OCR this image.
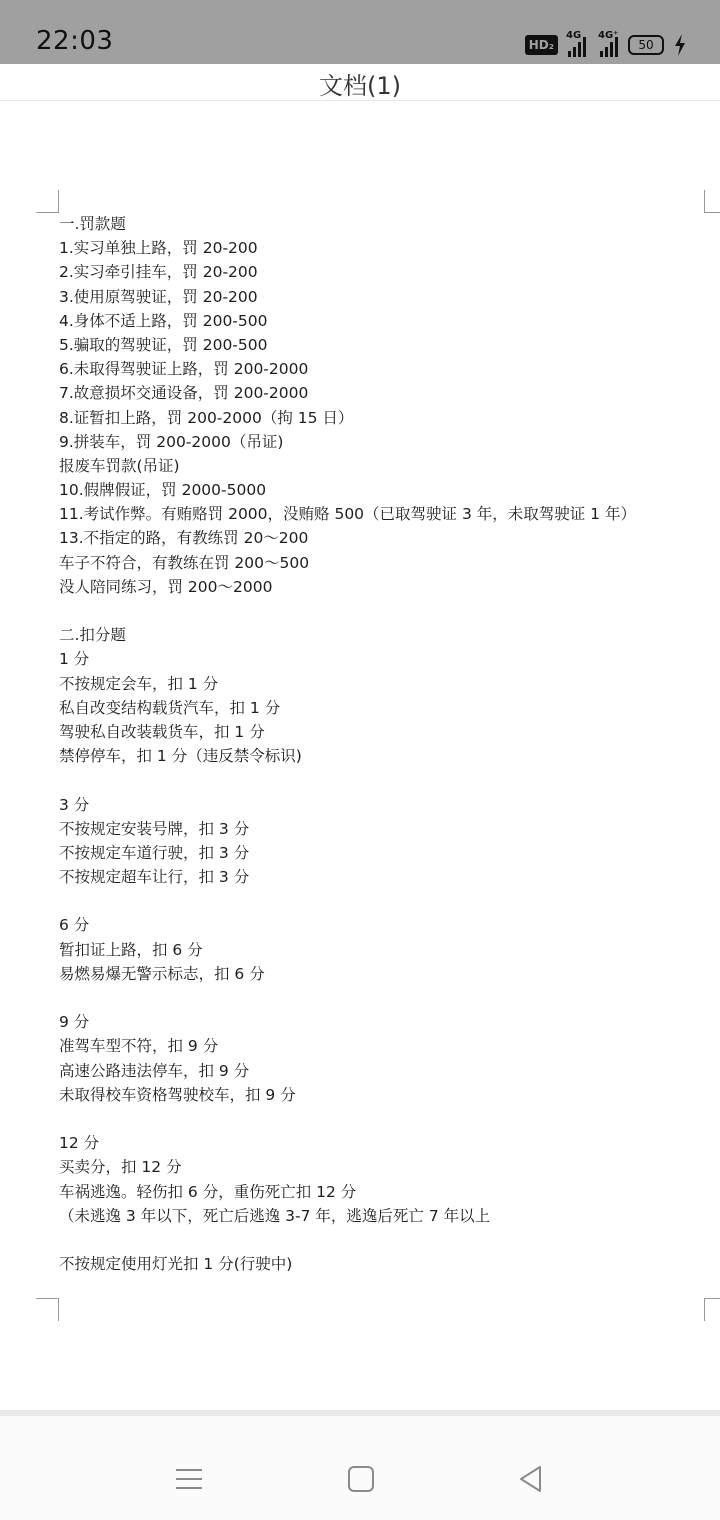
22:03	HD₂
4G 4G⁺
50
文档(1)
一.罚款题
1.实习单独上路，罚 20-200
2.实习牵引挂车，罚 20-200
3.使用原驾驶证，罚 20-200
4.身体不适上路，罚 200-500
5.骗取的驾驶证，罚 200-500
6.未取得驾驶证上路，罚 200-2000
7.故意损坏交通设备，罚 200-2000
8.证暂扣上路，罚 200-2000（拘 15 日）
9.拼装车，罚 200-2000（吊证)
报废车罚款(吊证)
10.假牌假证，罚 2000-5000
11.考试作弊。有贿赂罚 2000，没贿赂 500（已取驾驶证 3 年，未取驾驶证 1 年）
13.不指定的路，有教练罚 20～200
车子不符合，有教练在罚 200～500
没人陪同练习，罚 200～2000
二.扣分题
1 分
不按规定会车，扣 1 分
私自改变结构载货汽车，扣 1 分
驾驶私自改装载货车，扣 1 分
禁停停车，扣 1 分（违反禁令标识)
3 分
不按规定安装号牌，扣 3 分
不按规定车道行驶，扣 3 分
不按规定超车让行，扣 3 分
6 分
暂扣证上路，扣 6 分
易燃易爆无警示标志，扣 6 分
9 分
准驾车型不符，扣 9 分
高速公路违法停车，扣 9 分
未取得校车资格驾驶校车，扣 9 分
12 分
买卖分，扣 12 分
车祸逃逸。轻伤扣 6 分，重伤死亡扣 12 分
（未逃逸 3 年以下，死亡后逃逸 3-7 年，逃逸后死亡 7 年以上
不按规定使用灯光扣 1 分(行驶中)
